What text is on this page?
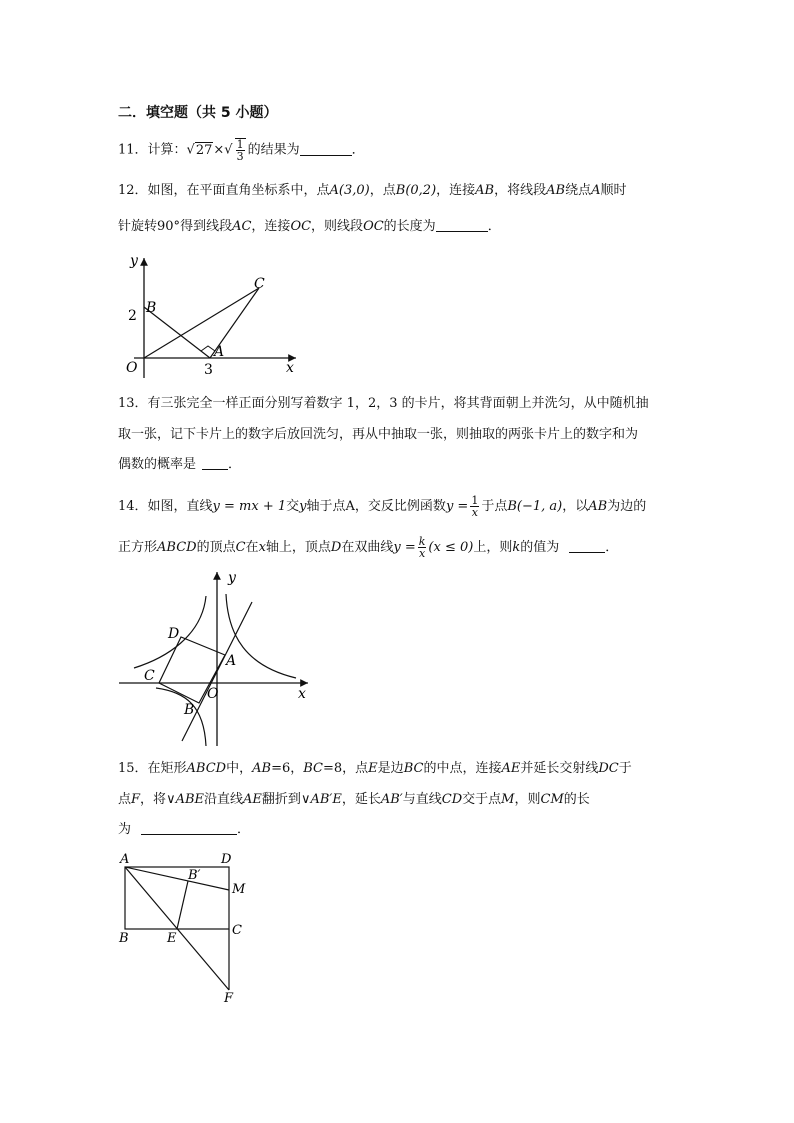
二．填空题（共 5 小题）
11．计算：$√27\times√ \frac{1}{3}$ 的结果为	．
12．如图，在平面直角坐标系中，点A(3,0)，点B(0,2)，连接AB，将线段AB绕点A顺时
针旋转90°得到线段AC，连接OC，则线段OC的长度为	．
y
x
O
2
3
B
A
C
13．有三张完全一样正面分别写着数字 1，2，3 的卡片，将其背面朝上并洗匀，从中随机抽
取一张，记下卡片上的数字后放回洗匀，再从中抽取一张，则抽取的两张卡片上的数字和为
偶数的概率是 ．
14．如图，直线y = mx + 1交y轴于点A，交反比例函数$y = \frac{1}{x}$ 于点B(−1, a)，以AB为边的
正方形ABCD的顶点C在x轴上，顶点D在双曲线$y = \frac{k}{x} (x \le 0)$上，则k的值为	．
y
x
O
A
B
C
D
15．在矩形ABCD中，AB=6，BC=8，点E是边BC的中点，连接AE并延长交射线DC于
点F，将∨ABE沿直线AE翻折到∨AB′E，延长AB′与直线CD交于点M，则CM的长
为	．
A	D
B	E
C
M
B′
F
